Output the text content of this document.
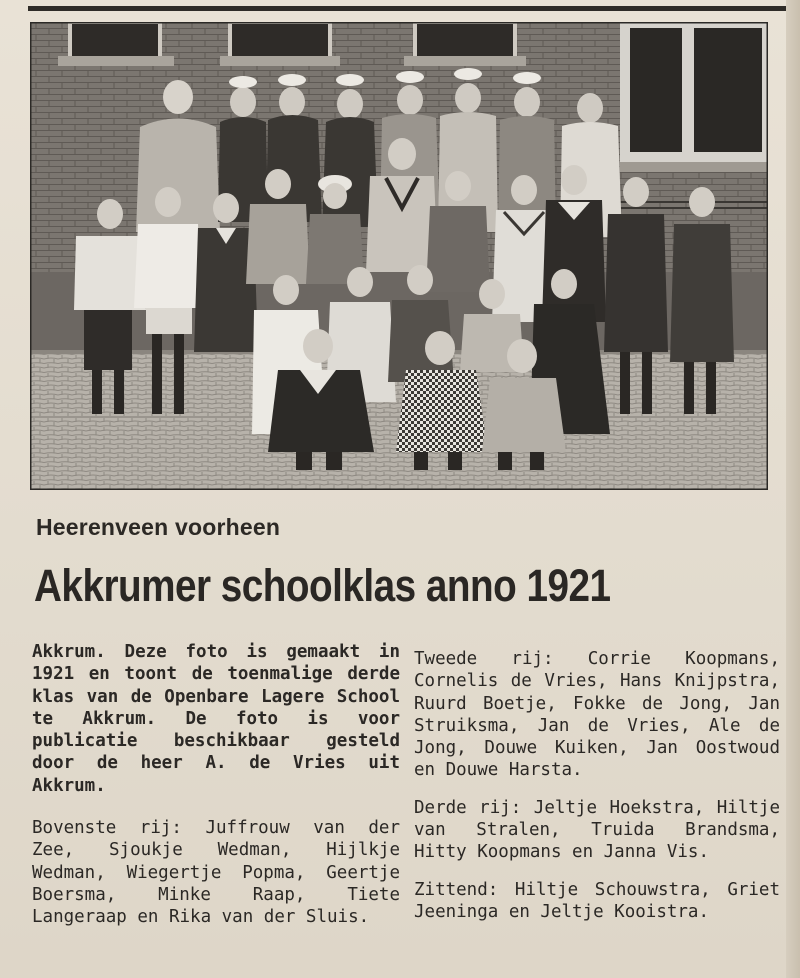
Heerenveen voorheen
Akkrumer schoolklas anno 1921

Akkrum. Deze foto is gemaakt in 1921 en toont de toenmalige derde klas van de Openbare Lagere School te Akkrum. De foto is voor publicatie beschikbaar gesteld door de heer A. de Vries uit Akkrum.

Bovenste rij: Juffrouw van der Zee, Sjoukje Wedman, Hijlkje Wedman, Wiegertje Popma, Geertje Boersma, Minke Raap, Tiete Langeraap en Rika van der Sluis.

Tweede rij: Corrie Koopmans, Cornelis de Vries, Hans Knijpstra, Ruurd Boetje, Fokke de Jong, Jan Struiksma, Jan de Vries, Ale de Jong, Douwe Kuiken, Jan Oostwoud en Douwe Harsta.

Derde rij: Jeltje Hoekstra, Hiltje van Stralen, Truida Brandsma, Hitty Koopmans en Janna Vis.

Zittend: Hiltje Schouwstra, Griet Jeeninga en Jeltje Kooistra.
